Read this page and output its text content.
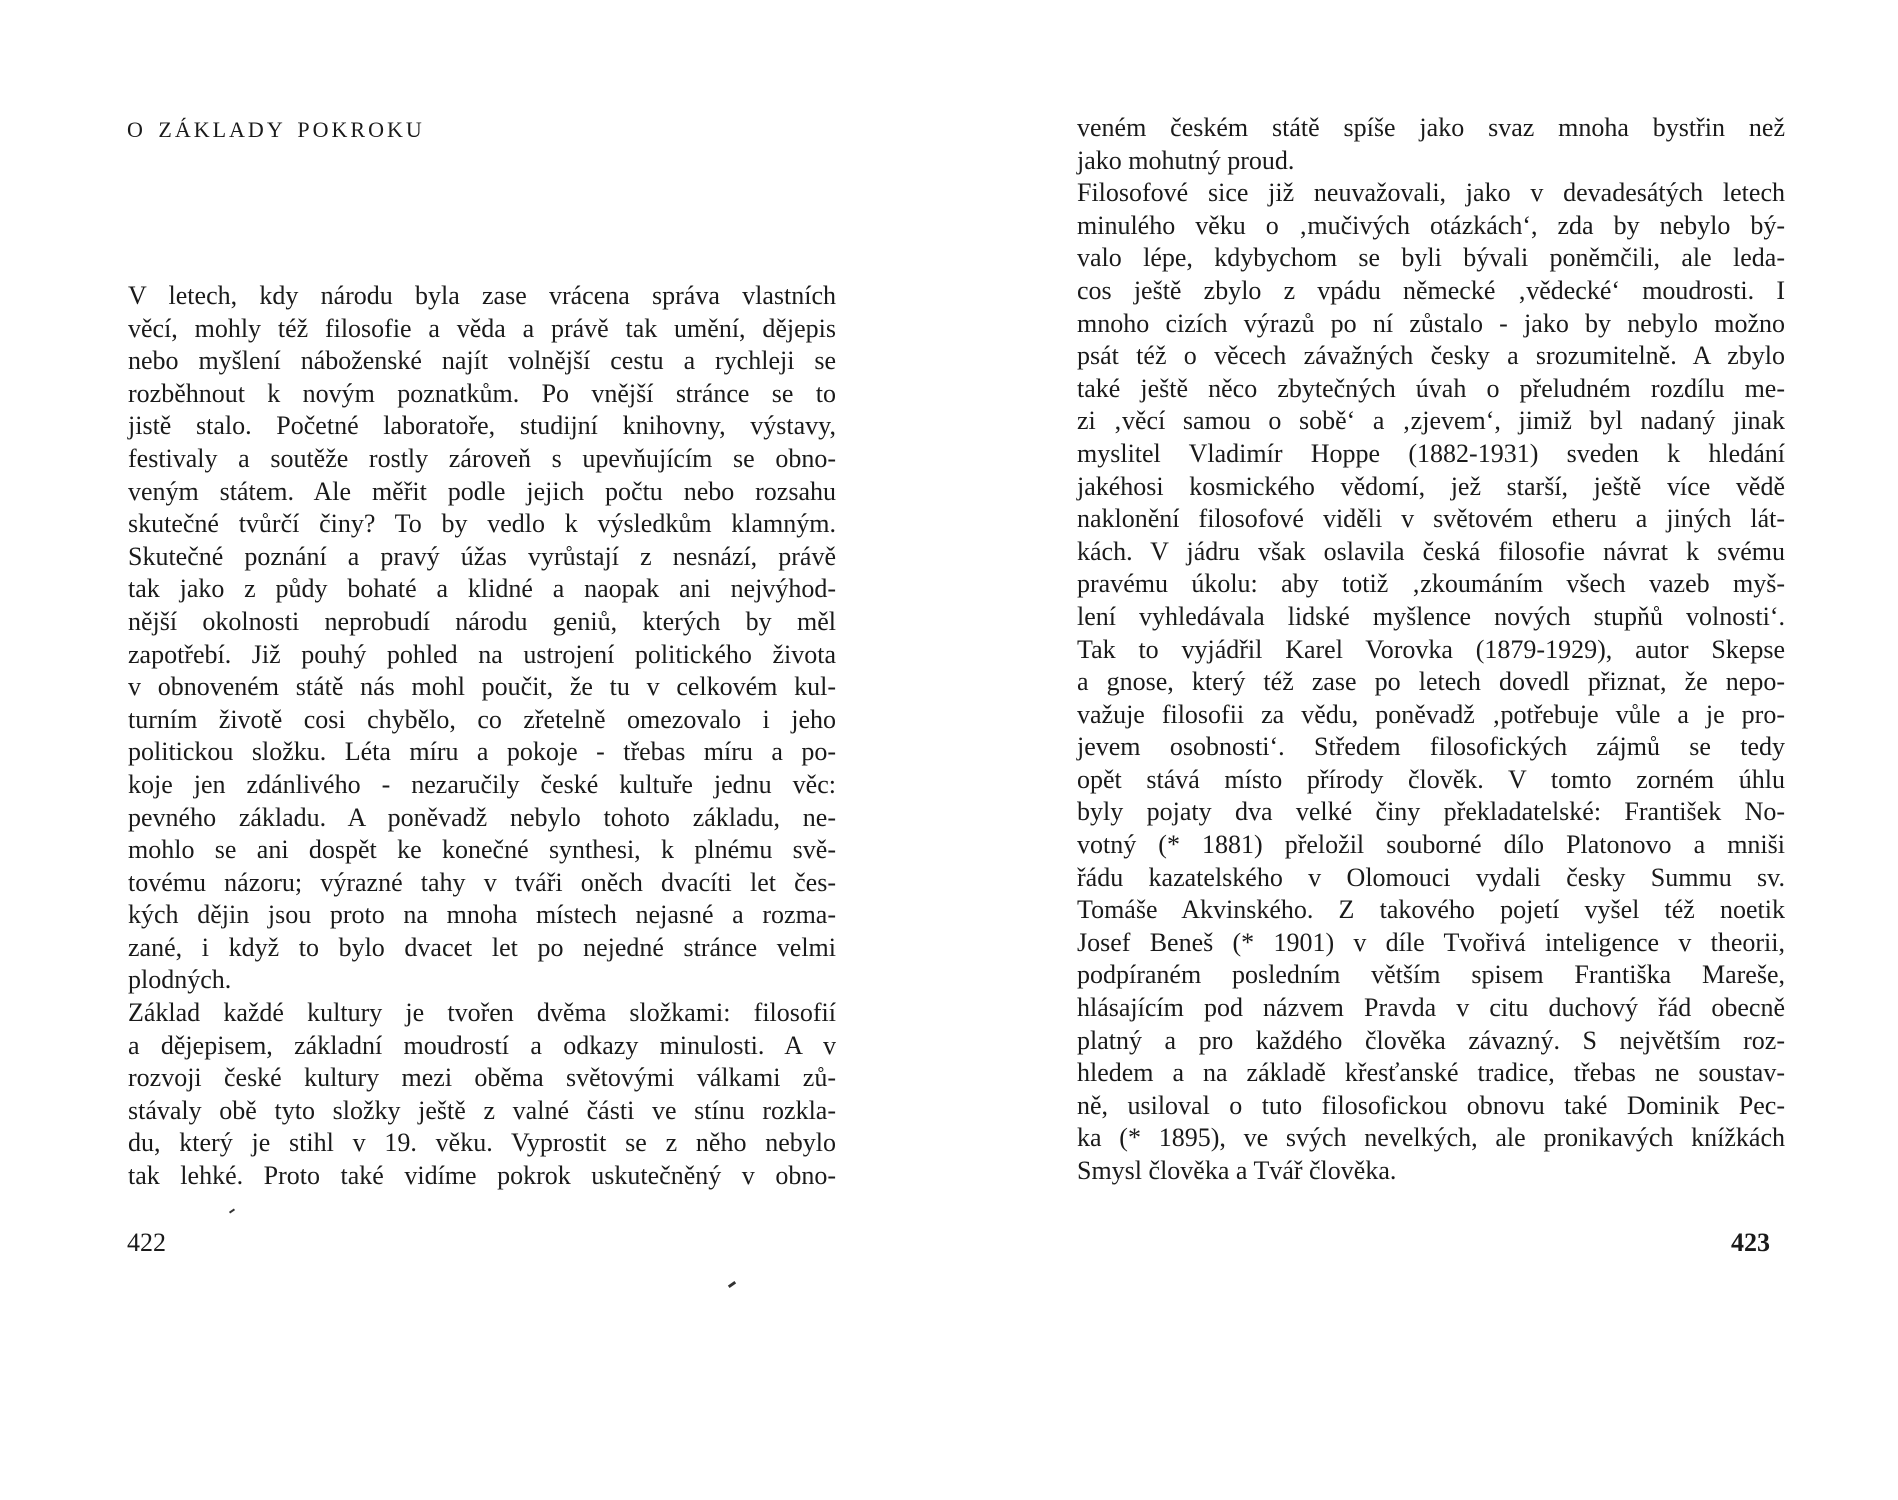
O ZÁKLADY POKROKU
V letech, kdy národu byla zase vrácena správa vlastních
věcí, mohly též filosofie a věda a právě tak umění, dějepis
nebo myšlení náboženské najít volnější cestu a rychleji se
rozběhnout k novým poznatkům. Po vnější stránce se to
jistě stalo. Početné laboratoře, studijní knihovny, výstavy,
festivaly a soutěže rostly zároveň s upevňujícím se obno-
veným státem. Ale měřit podle jejich počtu nebo rozsahu
skutečné tvůrčí činy? To by vedlo k výsledkům klamným.
Skutečné poznání a pravý úžas vyrůstají z nesnází, právě
tak jako z půdy bohaté a klidné a naopak ani nejvýhod-
nější okolnosti neprobudí národu geniů, kterých by měl
zapotřebí. Již pouhý pohled na ustrojení politického života
v obnoveném státě nás mohl poučit, že tu v celkovém kul-
turním životě cosi chybělo, co zřetelně omezovalo i jeho
politickou složku. Léta míru a pokoje - třebas míru a po-
koje jen zdánlivého - nezaručily české kultuře jednu věc:
pevného základu. A poněvadž nebylo tohoto základu, ne-
mohlo se ani dospět ke konečné synthesi, k plnému svě-
tovému názoru; výrazné tahy v tváři oněch dvacíti let čes-
kých dějin jsou proto na mnoha místech nejasné a rozma-
zané, i když to bylo dvacet let po nejedné stránce velmi
plodných.
Základ každé kultury je tvořen dvěma složkami: filosofií
a dějepisem, základní moudrostí a odkazy minulosti. A v
rozvoji české kultury mezi oběma světovými válkami zů-
stávaly obě tyto složky ještě z valné části ve stínu rozkla-
du, který je stihl v 19. věku. Vyprostit se z něho nebylo
tak lehké. Proto také vidíme pokrok uskutečněný v obno-
422
veném českém státě spíše jako svaz mnoha bystřin než
jako mohutný proud.
Filosofové sice již neuvažovali, jako v devadesátých letech
minulého věku o ‚mučivých otázkách‘, zda by nebylo bý-
valo lépe, kdybychom se byli bývali poněmčili, ale leda-
cos ještě zbylo z vpádu německé ‚vědecké‘ moudrosti. I
mnoho cizích výrazů po ní zůstalo - jako by nebylo možno
psát též o věcech závažných česky a srozumitelně. A zbylo
také ještě něco zbytečných úvah o přeludném rozdílu me-
zi ‚věcí samou o sobě‘ a ‚zjevem‘, jimiž byl nadaný jinak
myslitel Vladimír Hoppe (1882-1931) sveden k hledání
jakéhosi kosmického vědomí, jež starší, ještě více vědě
naklonění filosofové viděli v světovém etheru a jiných lát-
kách. V jádru však oslavila česká filosofie návrat k svému
pravému úkolu: aby totiž ‚zkoumáním všech vazeb myš-
lení vyhledávala lidské myšlence nových stupňů volnosti‘.
Tak to vyjádřil Karel Vorovka (1879-1929), autor Skepse
a gnose, který též zase po letech dovedl přiznat, že nepo-
važuje filosofii za vědu, poněvadž ‚potřebuje vůle a je pro-
jevem osobnosti‘. Středem filosofických zájmů se tedy
opět stává místo přírody člověk. V tomto zorném úhlu
byly pojaty dva velké činy překladatelské: František No-
votný (* 1881) přeložil souborné dílo Platonovo a mniši
řádu kazatelského v Olomouci vydali česky Summu sv.
Tomáše Akvinského. Z takového pojetí vyšel též noetik
Josef Beneš (* 1901) v díle Tvořivá inteligence v theorii,
podpíraném posledním větším spisem Františka Mareše,
hlásajícím pod názvem Pravda v citu duchový řád obecně
platný a pro každého člověka závazný. S největším roz-
hledem a na základě křesťanské tradice, třebas ne soustav-
ně, usiloval o tuto filosofickou obnovu také Dominik Pec-
ka (* 1895), ve svých nevelkých, ale pronikavých knížkách
Smysl člověka a Tvář člověka.
423
